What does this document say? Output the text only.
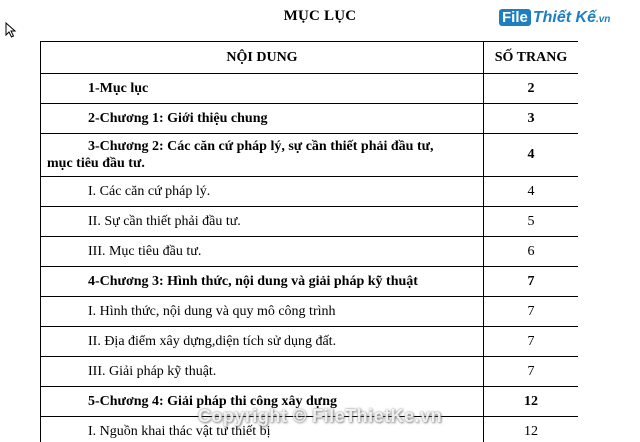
MỤC LỤC	File Thiết Kế.vn
NỘI DUNG	SỐ TRANG
1-Mục lục	2
2-Chương 1: Giới thiệu chung	3

3-Chương 2: Các căn cứ pháp lý, sự cần thiết phải đầu tư,
mục tiêu đầu tư.	4
I. Các căn cứ pháp lý.	4
II. Sự cần thiết phải đầu tư.	5
III. Mục tiêu đầu tư.	6
4-Chương 3: Hình thức, nội dung và giải pháp kỹ thuật	7
I. Hình thức, nội dung và quy mô công trình	7
II. Địa điểm xây dựng,diện tích sử dụng đất.	7
III. Giải pháp kỹ thuật.	7
5-Chương 4: Giải pháp thi công xây dựng	12
I. Nguồn khai thác vật tư thiết bị	12
Copyright © FileThietKe.vn
